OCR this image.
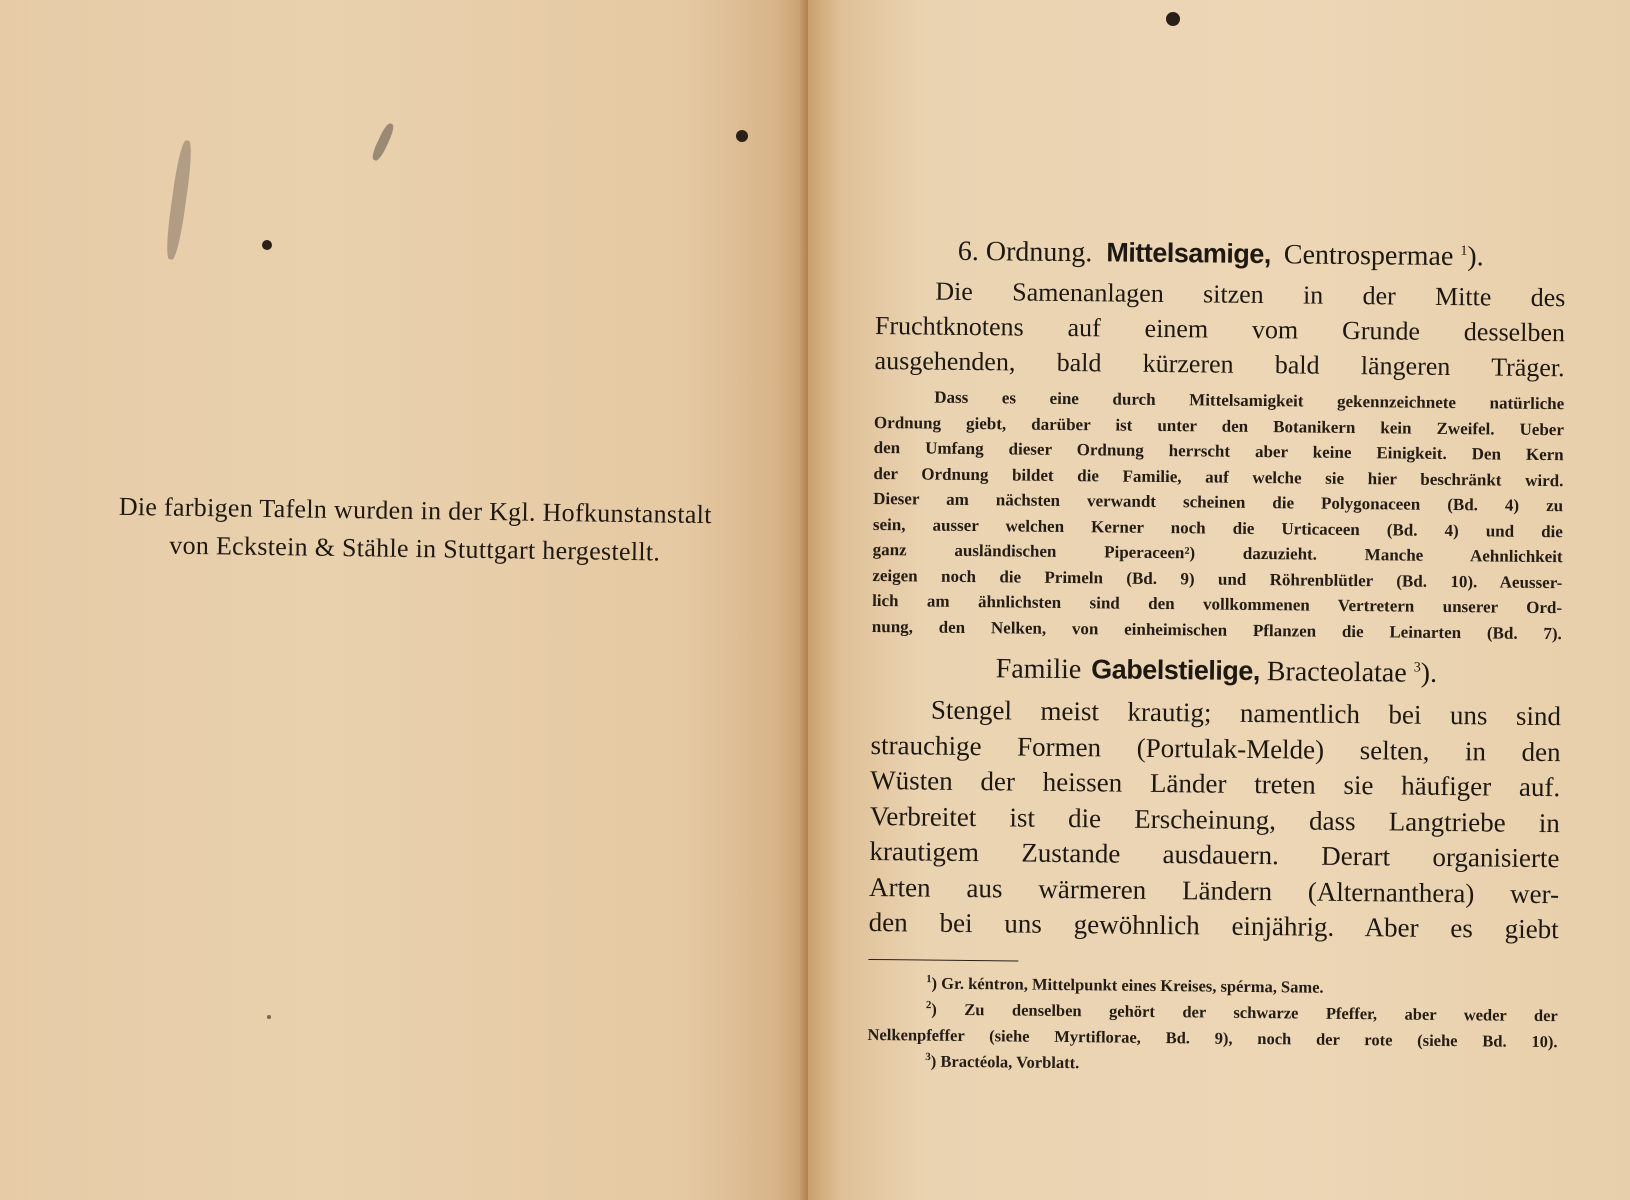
Die farbigen Tafeln wurden in der Kgl. Hofkunstanstalt
von Eckstein & Stähle in Stuttgart hergestellt.
6. Ordnung. Mittelsamige, Centrospermae $^1$).
Die Samenanlagen sitzen in der Mitte des
Fruchtknotens auf einem vom Grunde desselben
ausgehenden, bald kürzeren bald längeren Träger.
Dass es eine durch Mittelsamigkeit gekennzeichnete natürliche
Ordnung giebt, darüber ist unter den Botanikern kein Zweifel. Ueber
den Umfang dieser Ordnung herrscht aber keine Einigkeit. Den Kern
der Ordnung bildet die Familie, auf welche sie hier beschränkt wird.
Dieser am nächsten verwandt scheinen die Polygonaceen (Bd. 4) zu
sein, ausser welchen Kerner noch die Urticaceen (Bd. 4) und die
ganz ausländischen Piperaceen²) dazuzieht. Manche Aehnlichkeit
zeigen noch die Primeln (Bd. 9) und Röhrenblütler (Bd. 10). Aeusser-
lich am ähnlichsten sind den vollkommenen Vertretern unserer Ord-
nung, den Nelken, von einheimischen Pflanzen die Leinarten (Bd. 7).
Familie Gabelstielige, Bracteolatae $^3$).
Stengel meist krautig; namentlich bei uns sind
strauchige Formen (Portulak-Melde) selten, in den
Wüsten der heissen Länder treten sie häufiger auf.
Verbreitet ist die Erscheinung, dass Langtriebe in
krautigem Zustande ausdauern. Derart organisierte
Arten aus wärmeren Ländern (Alternanthera) wer-
den bei uns gewöhnlich einjährig. Aber es giebt
$^1$) Gr. kéntron, Mittelpunkt eines Kreises, spérma, Same.
$^2$) Zu denselben gehört der schwarze Pfeffer, aber weder der
Nelkenpfeffer (siehe Myrtiflorae, Bd. 9), noch der rote (siehe Bd. 10).
$^3$) Bractéola, Vorblatt.
